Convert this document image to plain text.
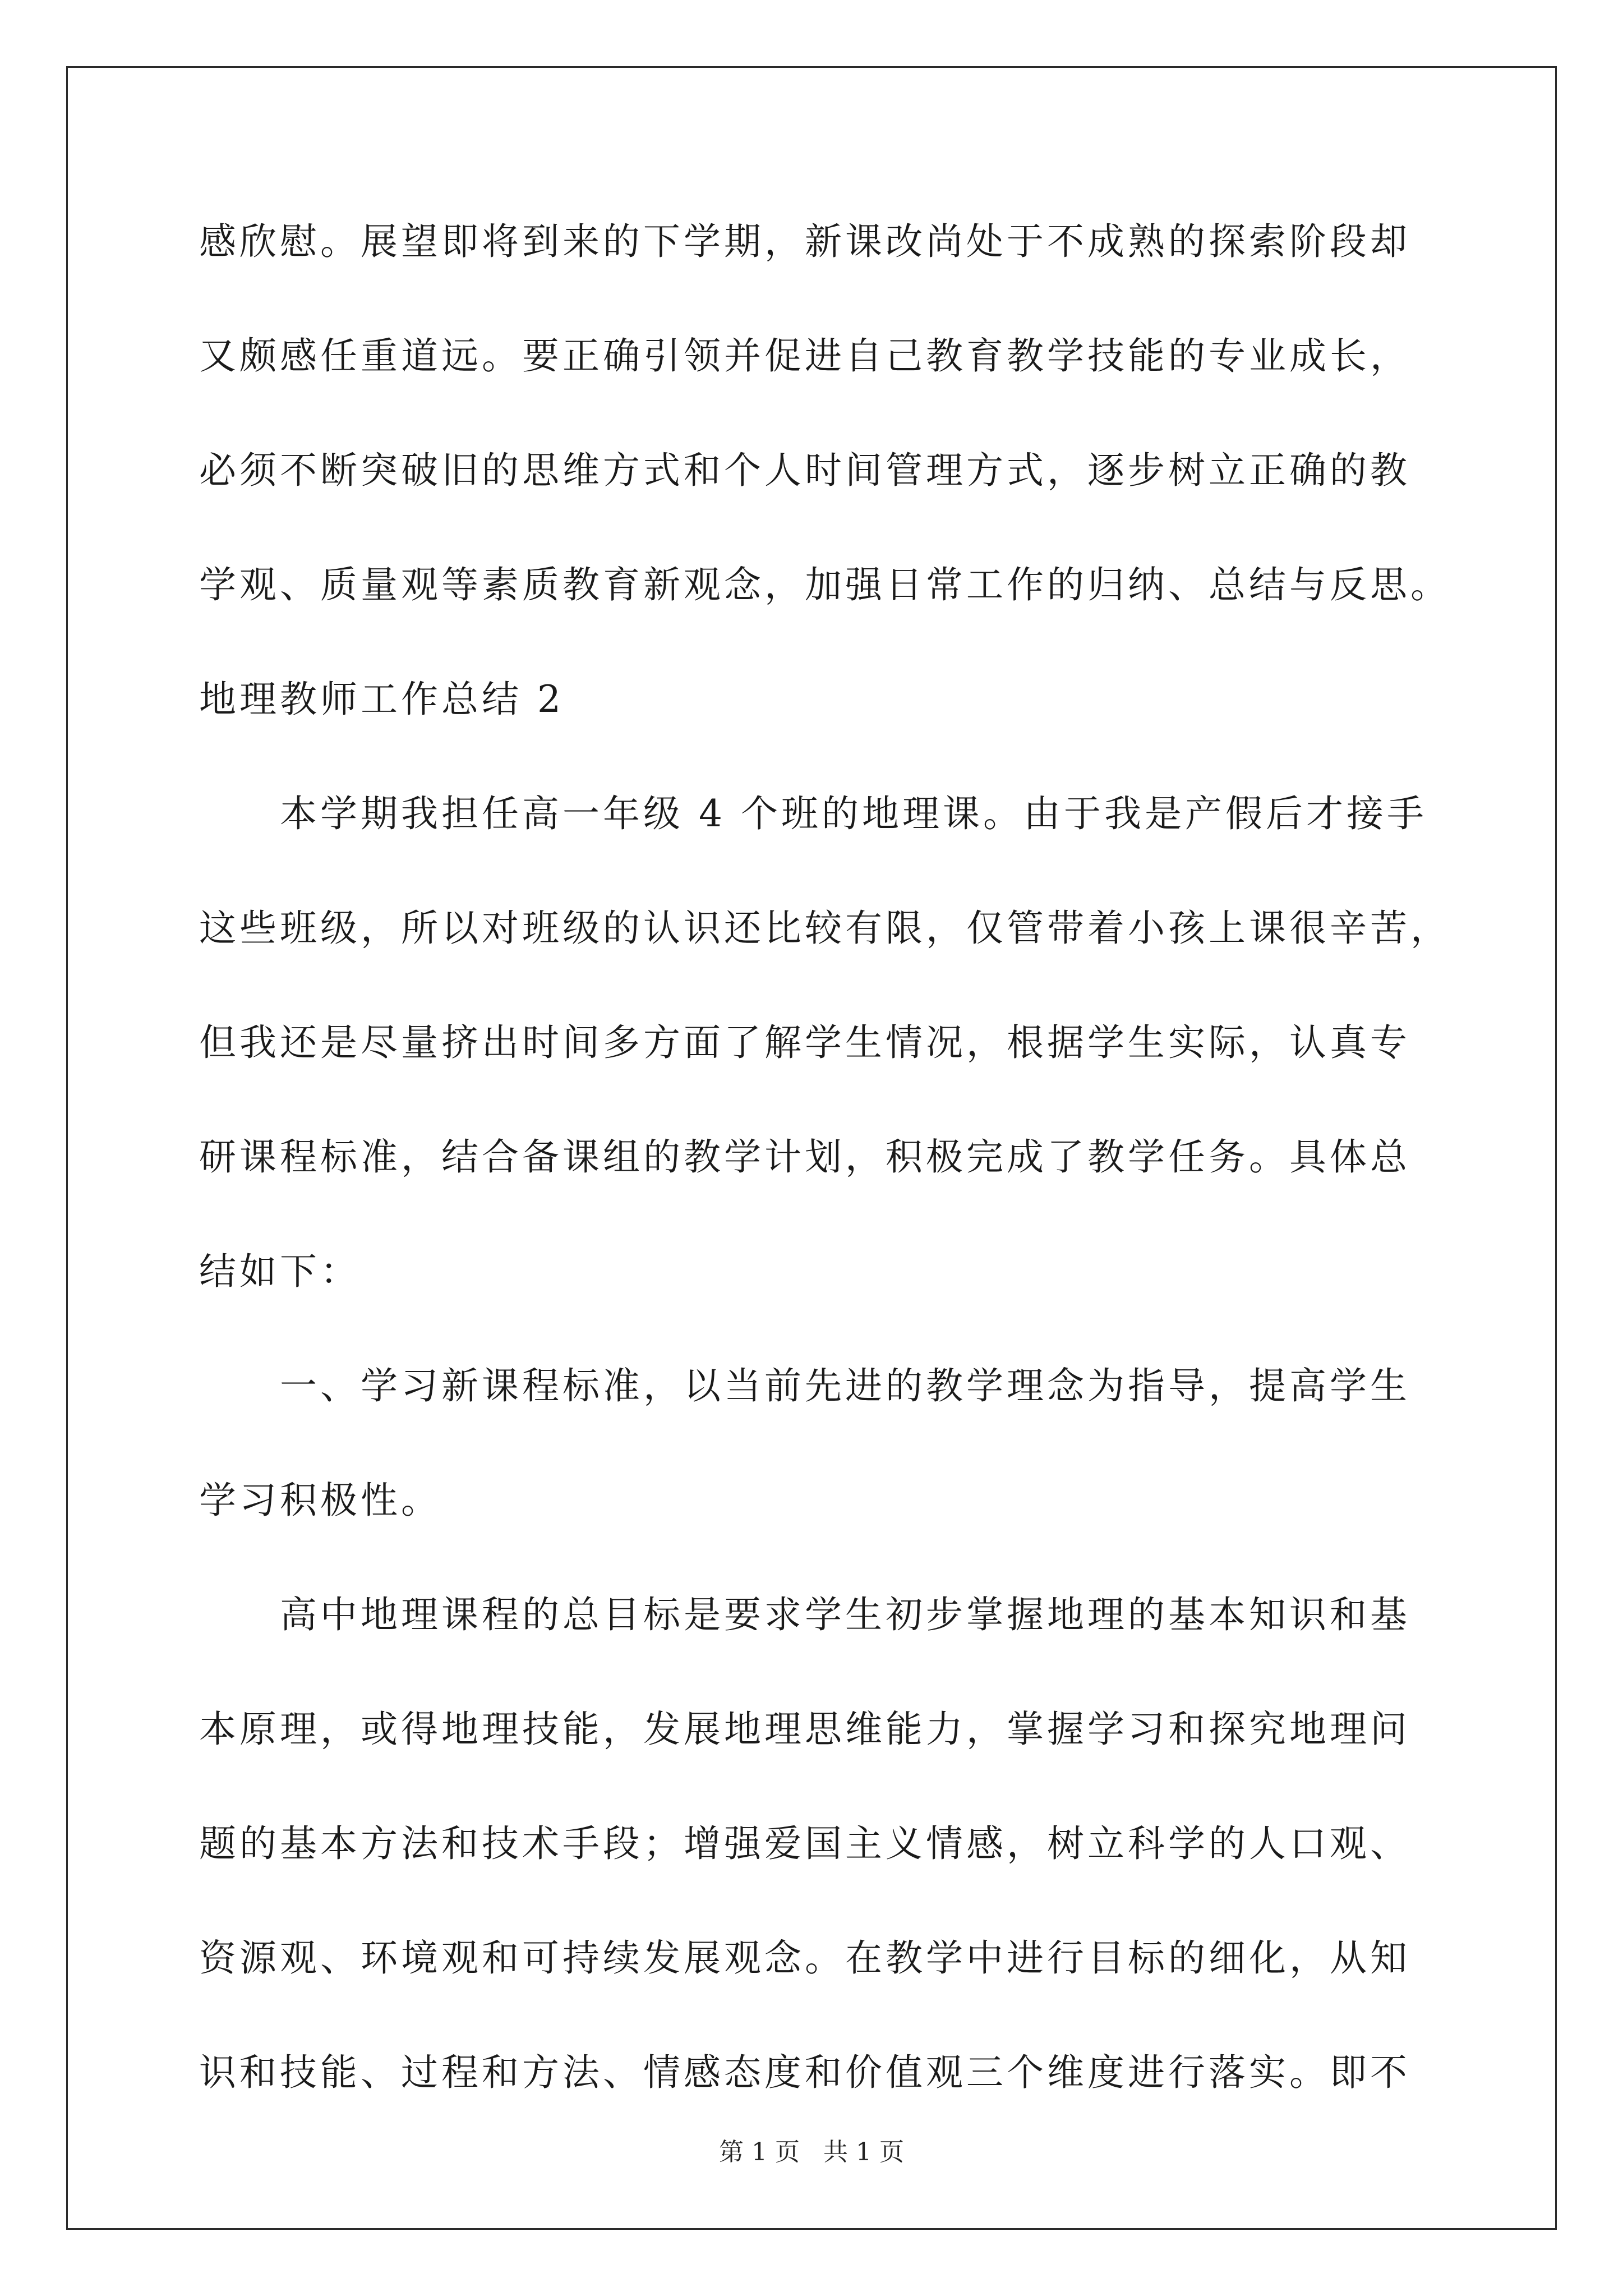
感欣慰。展望即将到来的下学期，新课改尚处于不成熟的探索阶段却
又颇感任重道远。要正确引领并促进自己教育教学技能的专业成长，
必须不断突破旧的思维方式和个人时间管理方式，逐步树立正确的教
学观、质量观等素质教育新观念，加强日常工作的归纳、总结与反思。
地理教师工作总结 2
本学期我担任高一年级 4 个班的地理课。由于我是产假后才接手
这些班级，所以对班级的认识还比较有限，仅管带着小孩上课很辛苦，
但我还是尽量挤出时间多方面了解学生情况，根据学生实际，认真专
研课程标准，结合备课组的教学计划，积极完成了教学任务。具体总
结如下：
一、学习新课程标准，以当前先进的教学理念为指导，提高学生
学习积极性。
高中地理课程的总目标是要求学生初步掌握地理的基本知识和基
本原理，或得地理技能，发展地理思维能力，掌握学习和探究地理问
题的基本方法和技术手段；增强爱国主义情感，树立科学的人口观、
资源观、环境观和可持续发展观念。在教学中进行目标的细化，从知
识和技能、过程和方法、情感态度和价值观三个维度进行落实。即不
第 1 页   共 1 页
